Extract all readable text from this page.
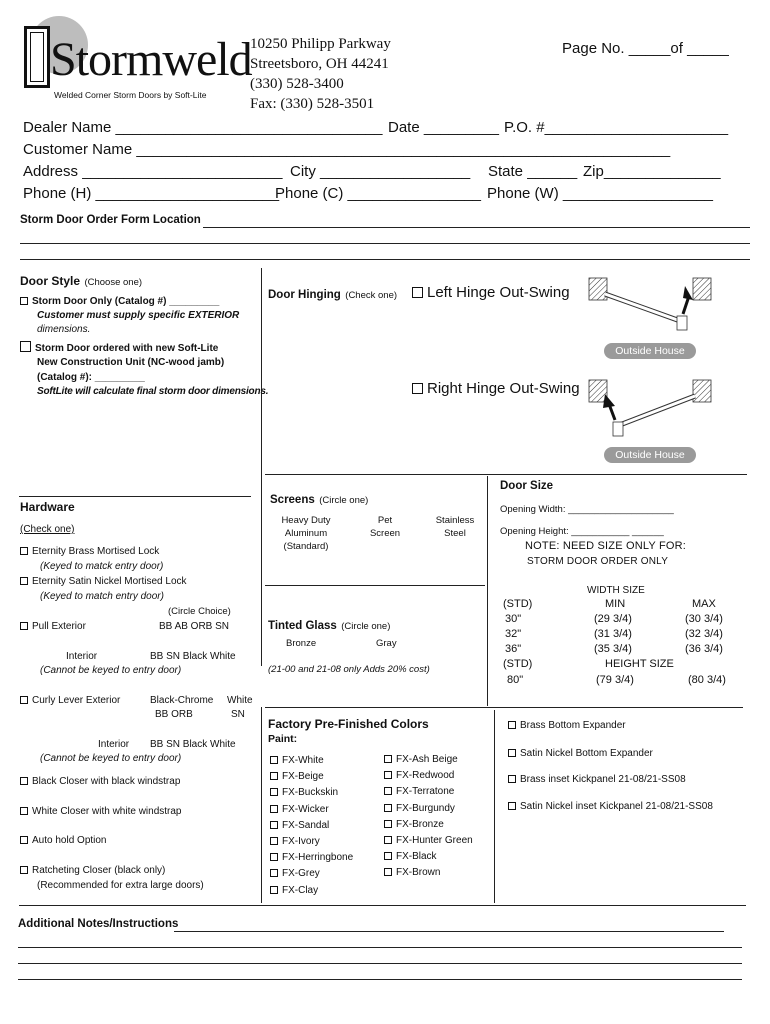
Stormweld
Welded Corner Storm Doors by Soft-Lite
10250 Philipp Parkway
Streetsboro, OH 44241
(330) 528-3400
Fax: (330) 528-3501
Page No. _____of _____
Dealer Name ________________________________ Date _________ P.O. #______________________
Customer Name ________________________________________________________________
Address ________________________ City __________________ State ______ Zip______________
Phone (H) ______________________
Phone (C) ________________ Phone (W) __________________
Storm Door Order Form Location
Door Style (Choose one)
Storm Door Only (Catalog #) _________
Customer must supply specific EXTERIOR
dimensions.
Storm Door ordered with new Soft-Lite
New Construction Unit (NC-wood jamb)
(Catalog #): _________
SoftLite will calculate final storm door dimensions.
Door Hinging (Check one)	Left Hinge Out-Swing
Right Hinge Out-Swing
Outside House
Outside House
Hardware
(Check one)
Eternity Brass Mortised Lock
(Keyed to matck entry door)
Eternity Satin Nickel Mortised Lock
(Keyed to match entry door)
(Circle Choice)
Pull Exterior	BB AB ORB SN
Interior	BB SN Black White
(Cannot be keyed to entry door)
Curly Lever Exterior	Black-Chrome White
BB ORB	SN
Interior BB SN Black White
(Cannot be keyed to entry door)
Black Closer with black windstrap
White Closer with white windstrap
Auto hold Option
Ratcheting Closer (black only)
(Recommended for extra large doors)
Screens (Circle one)
Heavy Duty
Aluminum
(Standard)
Pet
Screen
Stainless
Steel
Tinted Glass (Circle one)
Bronze	Gray
(21-00 and 21-08 only Adds 20% cost)
Door Size
Opening Width: ____________________
Opening Height: ___________ ______
NOTE: NEED SIZE ONLY FOR:
STORM DOOR ORDER ONLY
WIDTH SIZE
(STD)	MIN	MAX
30"	(29 3/4)	(30 3/4)
32"	(31 3/4)	(32 3/4)
36"	(35 3/4)	(36 3/4)
(STD)	HEIGHT SIZE
80"	(79 3/4)	(80 3/4)
Factory Pre-Finished Colors
Paint:
FX-White
FX-Beige
FX-Buckskin
FX-Wicker
FX-Sandal
FX-Ivory
FX-Herringbone
FX-Grey
FX-Clay
FX-Ash Beige
FX-Redwood
FX-Terratone
FX-Burgundy
FX-Bronze
FX-Hunter Green
FX-Black
FX-Brown
Brass Bottom Expander
Satin Nickel Bottom Expander
Brass inset Kickpanel 21-08/21-SS08
Satin Nickel inset Kickpanel 21-08/21-SS08
Additional Notes/Instructions
